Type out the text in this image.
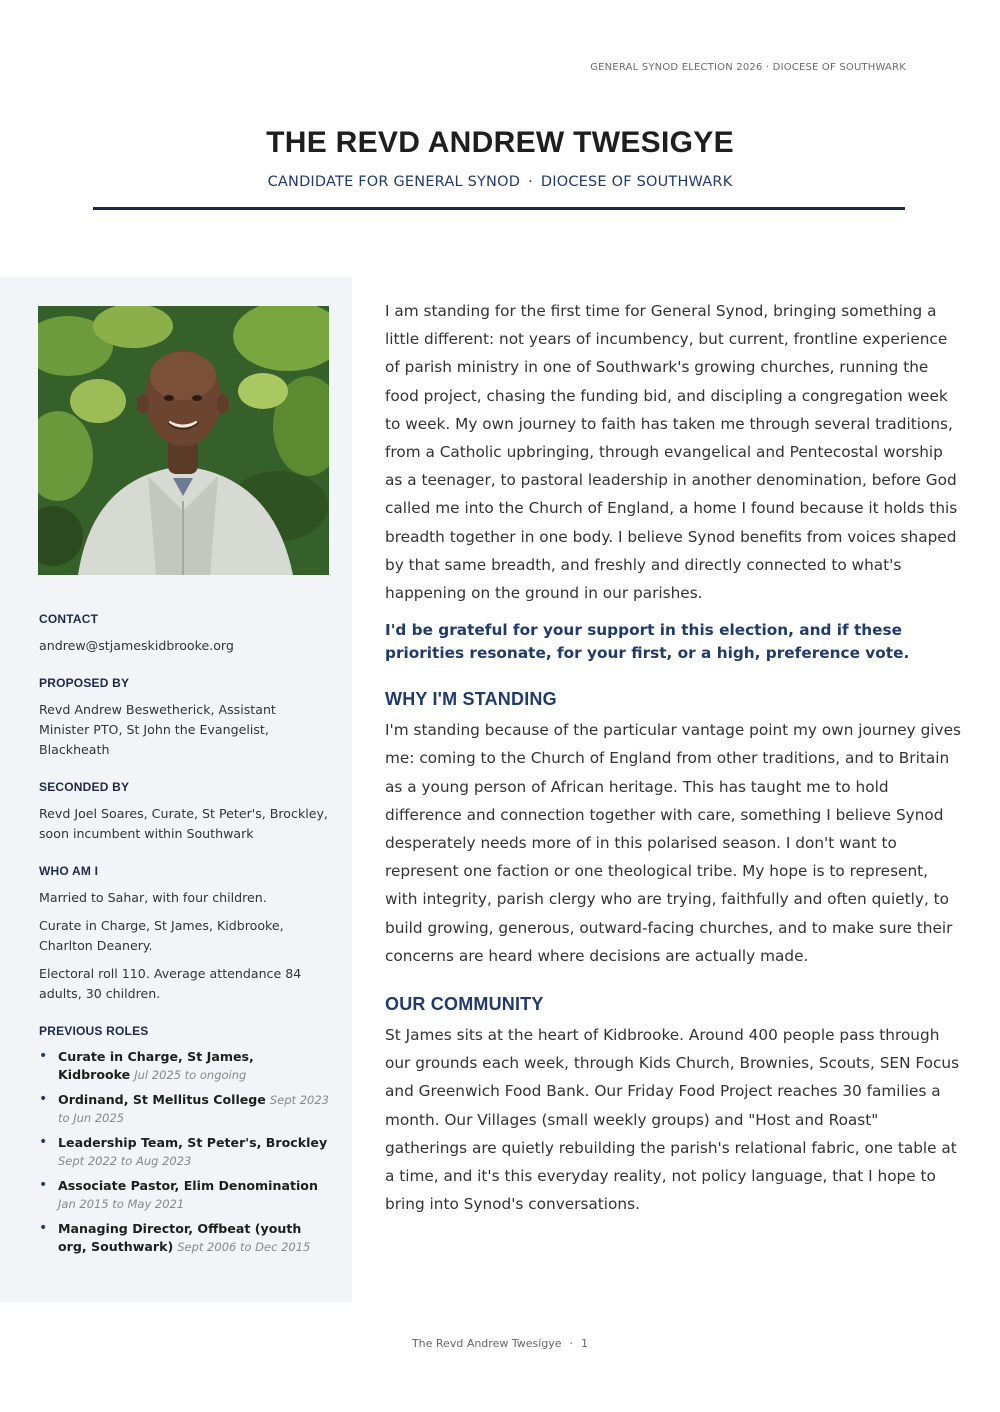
GENERAL SYNOD ELECTION 2026 · DIOCESE OF SOUTHWARK
THE REVD ANDREW TWESIGYE
CANDIDATE FOR GENERAL SYNOD · DIOCESE OF SOUTHWARK
CONTACT

andrew@stjameskidbrooke.org

PROPOSED BY

Revd Andrew Beswetherick, Assistant Minister PTO, St John the Evangelist, Blackheath

SECONDED BY

Revd Joel Soares, Curate, St Peter's, Brockley, soon incumbent within Southwark

WHO AM I

Married to Sahar, with four children.

Curate in Charge, St James, Kidbrooke, Charlton Deanery.

Electoral roll 110. Average attendance 84 adults, 30 children.

PREVIOUS ROLES
• Curate in Charge, St James, Kidbrooke Jul 2025 to ongoing
• Ordinand, St Mellitus College Sept 2023 to Jun 2025
• Leadership Team, St Peter's, Brockley Sept 2022 to Aug 2023
• Associate Pastor, Elim Denomination Jan 2015 to May 2021
• Managing Director, Offbeat (youth org, Southwark) Sept 2006 to Dec 2015

I am standing for the first time for General Synod, bringing something a little different: not years of incumbency, but current, frontline experience of parish ministry in one of Southwark's growing churches, running the food project, chasing the funding bid, and discipling a congregation week to week. My own journey to faith has taken me through several traditions, from a Catholic upbringing, through evangelical and Pentecostal worship as a teenager, to pastoral leadership in another denomination, before God called me into the Church of England, a home I found because it holds this breadth together in one body. I believe Synod benefits from voices shaped by that same breadth, and freshly and directly connected to what's happening on the ground in our parishes.

I'd be grateful for your support in this election, and if these priorities resonate, for your first, or a high, preference vote.

WHY I'M STANDING

I'm standing because of the particular vantage point my own journey gives me: coming to the Church of England from other traditions, and to Britain as a young person of African heritage. This has taught me to hold difference and connection together with care, something I believe Synod desperately needs more of in this polarised season. I don't want to represent one faction or one theological tribe. My hope is to represent, with integrity, parish clergy who are trying, faithfully and often quietly, to build growing, generous, outward-facing churches, and to make sure their concerns are heard where decisions are actually made.

OUR COMMUNITY

St James sits at the heart of Kidbrooke. Around 400 people pass through our grounds each week, through Kids Church, Brownies, Scouts, SEN Focus and Greenwich Food Bank. Our Friday Food Project reaches 30 families a month. Our Villages (small weekly groups) and "Host and Roast" gatherings are quietly rebuilding the parish's relational fabric, one table at a time, and it's this everyday reality, not policy language, that I hope to bring into Synod's conversations.

The Revd Andrew Twesigye · 1
